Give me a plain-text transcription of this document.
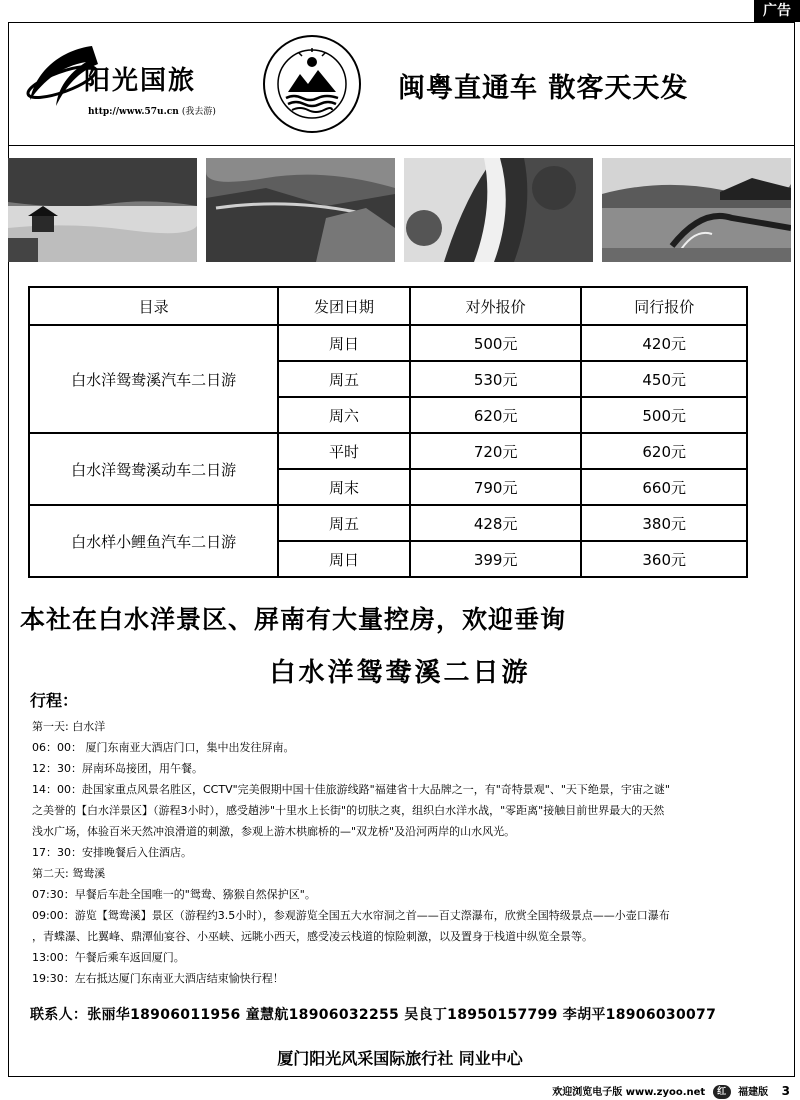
广告
阳光国旅
http://www.57u.cn (我去游)
闽粤直通车 散客天天发
目录	发团日期	对外报价	同行报价
白水洋鸳鸯溪汽车二日游	周日	500元	420元
	周五	530元	450元
	周六	620元	500元
白水洋鸳鸯溪动车二日游	平时	720元	620元
	周末	790元	660元
白水样小鲤鱼汽车二日游	周五	428元	380元
	周日	399元	360元
本社在白水洋景区、屏南有大量控房，欢迎垂询
白水洋鸳鸯溪二日游
行程：
第一天: 白水洋
06：00： 厦门东南亚大酒店门口，集中出发往屏南。
12：30：屏南环岛接团，用午餐。
14：00：赴国家重点风景名胜区，CCTV"完美假期中国十佳旅游线路"福建省十大品牌之一，有"奇特景观"、"天下绝景，宇宙之谜"
之美誉的【白水洋景区】（游程3小时），感受趟涉"十里水上长街"的切肤之爽，组织白水洋水战，"零距离"接触目前世界最大的天然
浅水广场，体验百米天然冲浪滑道的刺激，参观上游木栱廊桥的—"双龙桥"及沿河两岸的山水风光。
17：30：安排晚餐后入住酒店。
第二天: 鸳鸯溪
07:30：早餐后车赴全国唯一的"鸳鸯、猕猴自然保护区"。
09:00：游览【鸳鸯溪】景区（游程约3.5小时），参观游览全国五大水帘洞之首——百丈漈瀑布，欣赏全国特级景点——小壶口瀑布
，青蝶瀑、比翼峰、鼎潭仙宴谷、小巫峡、远眺小西天，感受凌云栈道的惊险刺激，以及置身于栈道中纵览全景等。
13:00：午餐后乘车返回厦门。
19:30：左右抵达厦门东南亚大酒店结束愉快行程！
联系人：张丽华18906011956 童慧航18906032255 吴良丁18950157799 李胡平18906030077
厦门阳光风采国际旅行社 同业中心
欢迎浏览电子版 www.zyoo.net 红 福建版 3
